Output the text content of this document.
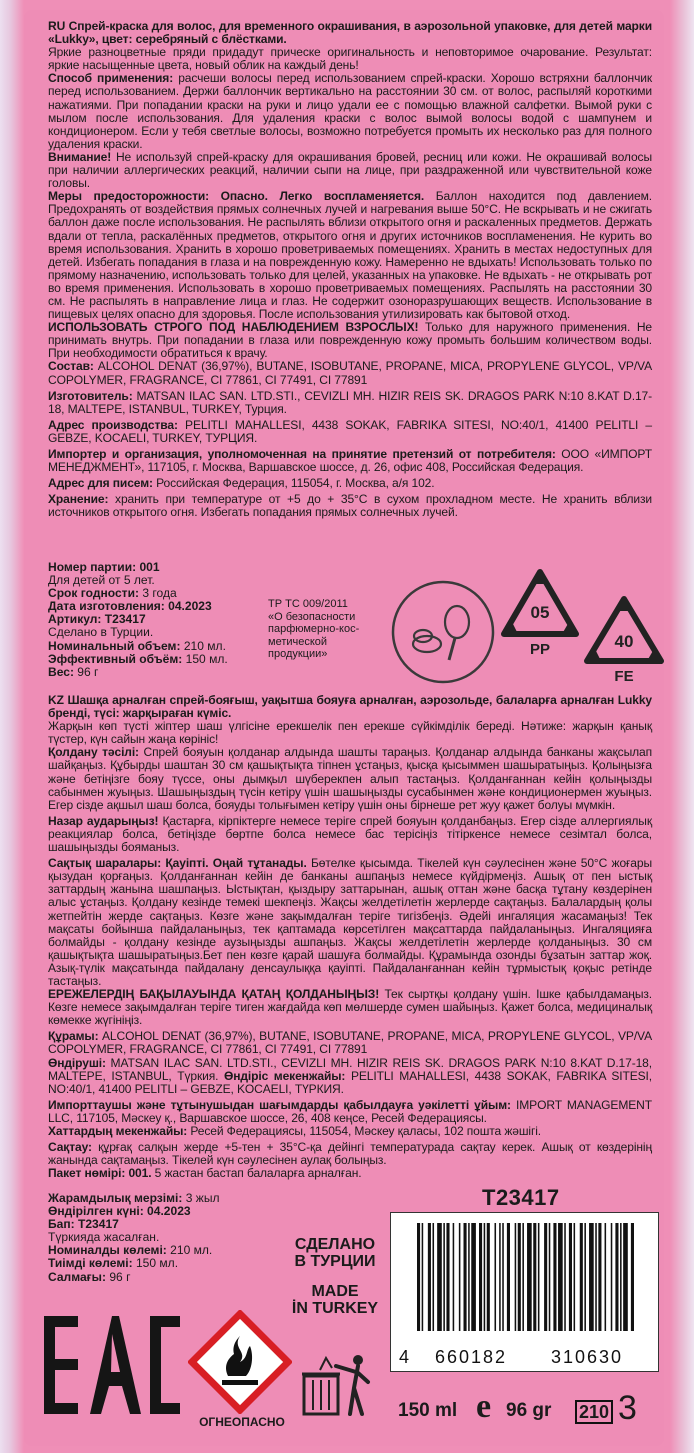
RU Спрей-краска для волос, для временного окрашивания, в аэрозольной упаковке, для детей марки «Lukky», цвет: серебряный с блёстками.

Яркие разноцветные пряди придадут прическе оригинальность и неповторимое очарование. Результат: яркие насыщенные цвета, новый облик на каждый день!

Способ применения: расчеши волосы перед использованием спрей-краски. Хорошо встряхни баллончик перед использованием. Держи баллончик вертикально на расстоянии 30 см. от волос, распыляй короткими нажатиями. При попадании краски на руки и лицо удали ее с помощью влажной салфетки. Вымой руки с мылом после использования. Для удаления краски с волос вымой волосы водой с шампунем и кондиционером. Если у тебя светлые волосы, возможно потребуется промыть их несколько раз для полного удаления краски.

Внимание! Не используй спрей-краску для окрашивания бровей, ресниц или кожи. Не окрашивай волосы при наличии аллергических реакций, наличии сыпи на лице, при раздраженной или чувствительной коже головы.

Меры предосторожности: Опасно. Легко воспламеняется. Баллон находится под давлением. Предохранять от воздействия прямых солнечных лучей и нагревания выше 50°C. Не вскрывать и не сжигать баллон даже после использования. Не распылять вблизи открытого огня и раскаленных предметов. Держать вдали от тепла, раскалённых предметов, открытого огня и других источников воспламенения. Не курить во время использования. Хранить в хорошо проветриваемых помещениях. Хранить в местах недоступных для детей. Избегать попадания в глаза и на поврежденную кожу. Намеренно не вдыхать! Использовать только по прямому назначению, использовать только для целей, указанных на упаковке. Не вдыхать - не открывать рот во время применения. Использовать в хорошо проветриваемых помещениях. Распылять на расстоянии 30 см. Не распылять в направление лица и глаз. Не содержит озоноразрушающих веществ. Использование в пищевых целях опасно для здоровья. После использования утилизировать как бытовой отход.

ИСПОЛЬЗОВАТЬ СТРОГО ПОД НАБЛЮДЕНИЕМ ВЗРОСЛЫХ! Только для наружного применения. Не принимать внутрь. При попадании в глаза или поврежденную кожу промыть большим количеством воды. При необходимости обратиться к врачу.

Состав: ALCOHOL DENAT (36,97%), BUTANE, ISOBUTANE, PROPANE, MICA, PROPYLENE GLYCOL, VP/VA COPOLYMER, FRAGRANCE, CI 77861, CI 77491, CI 77891

Изготовитель: MATSAN ILAC SAN. LTD.STI., CEVIZLI MH. HIZIR REIS SK. DRAGOS PARK N:10 8.KAT D.17-18, MALTEPE, ISTANBUL, TURKEY, Турция.

Адрес производства: PELITLI MAHALLESI, 4438 SOKAK, FABRIKA SITESI, NO:40/1, 41400 PELITLI – GEBZE, KOCAELI, TURKEY, ТУРЦИЯ.

Импортер и организация, уполномоченная на принятие претензий от потребителя: ООО «ИМПОРТ МЕНЕДЖМЕНТ», 117105, г. Москва, Варшавское шоссе, д. 26, офис 408, Российская Федерация.

Адрес для писем: Российская Федерация, 115054, г. Москва, а/я 102.

Хранение: хранить при температуре от +5 до + 35°C в сухом прохладном месте. Не хранить вблизи источников открытого огня. Избегать попадания прямых солнечных лучей.

Номер партии: 001

Для детей от 5 лет.

Срок годности: 3 года

Дата изготовления: 04.2023

Артикул: Т23417

Сделано в Турции.

Номинальный объем: 210 мл.

Эффективный объём: 150 мл.

Вес: 96 г

ТР ТС 009/2011

«О безопасности парфюмерно-кос-метической продукции»

05
PP	40
FE

KZ Шашқа арналған спрей-бояғыш, уақытша бояуға арналған, аэрозольде, балаларға арналған Lukky бренді, түсі: жарқыраған күміс.

Жарқын көп түсті жіптер шаш үлгісіне ерекшелік пен ерекше сүйкімділік береді. Нәтиже: жарқын қанық түстер, күн сайын жаңа көрініс!

Қолдану тәсілі: Спрей бояуын қолданар алдында шашты тараңыз. Қолданар алдында банканы жақсылап шайқаңыз. Құбырды шаштан 30 см қашықтықта тіпнен ұстаңыз, қысқа қысыммен шашыратыңыз. Қолыңызға және бетіңізге бояу түссе, оны дымқыл шүберекпен алып тастаңыз. Қолданғаннан кейін қолыңызды сабынмен жуыңыз. Шашыңыздың түсін кетіру үшін шашыңызды сусабынмен және кондиционермен жуыңыз. Егер сізде ақшыл шаш болса, бояуды толығымен кетіру үшін оны бірнеше рет жуу қажет болуы мүмкін.

Назар аударыңыз! Қастарға, кірпіктерге немесе теріге спрей бояуын қолданбаңыз. Егер сізде аллергиялық реакциялар болса, бетіңізде бөртпе болса немесе бас терісіңіз тітіркенсе немесе сезімтал болса, шашыңызды бояманыз.

Сақтық шаралары: Қауіпті. Оңай тұтанады. Бөтелке қысымда. Тікелей күн сәулесінен және 50°C жоғары қызудан қорғаңыз. Қолданғаннан кейін де банканы ашпаңыз немесе күйдірмеңіз. Ашық от пен ыстық заттардың жанына шашпаңыз. Ыстықтан, қыздыру заттарынан, ашық оттан және басқа тұтану көздерінен алыс ұстаңыз. Қолдану кезінде темекі шекпеңіз. Жақсы желдетілетін жерлерде сақтаңыз. Балалардың қолы жетпейтін жерде сақтаңыз. Көзге және зақымдалған теріге тигізбеңіз. Әдейі ингаляция жасамаңыз! Тек мақсаты бойынша пайдаланыңыз, тек қаптамада көрсетілген мақсаттарда пайдаланыңыз. Ингаляцияға болмайды - қолдану кезінде аузыңызды ашпаңыз. Жақсы желдетілетін жерлерде қолданыңыз. 30 см қашықтықта шашыратыңыз.Бет пен көзге қарай шашуға болмайды. Құрамында озонды бұзатын заттар жоқ. Азық-түлік мақсатында пайдалану денсаулыққа қауіпті. Пайдаланғаннан кейін тұрмыстық қоқыс ретінде тастаңыз.

ЕРЕЖЕЛЕРДІҢ БАҚЫЛАУЫНДА ҚАТАҢ ҚОЛДАНЫҢЫЗ! Тек сыртқы қолдану үшін. Ішке қабылдамаңыз. Көзге немесе зақымдалған теріге тиген жағдайда көп мөлшерде сумен шайыңыз. Қажет болса, медициналық көмекке жүгініңіз.

Құрамы: ALCOHOL DENAT (36,97%), BUTANE, ISOBUTANE, PROPANE, MICA, PROPYLENE GLYCOL, VP/VA COPOLYMER, FRAGRANCE, CI 77861, CI 77491, CI 77891

Өндіруші: MATSAN ILAC SAN. LTD.STI., CEVIZLI MH. HIZIR REIS SK. DRAGOS PARK N:10 8.KAT D.17-18, MALTEPE, ISTANBUL, Түркия. Өндіріс мекенжайы: PELITLI MAHALLESI, 4438 SOKAK, FABRIKA SITESI, NO:40/1, 41400 PELITLI – GEBZE, KOCAELI, ТҮРКИЯ.

Импорттаушы және тұтынушыдан шағымдарды қабылдауға уәкілетті ұйым: IMPORT MANAGEMENT LLC, 117105, Мәскеу қ., Варшавское шоссе, 26, 408 кеңсе, Ресей Федерациясы.

Хаттардың мекенжайы: Ресей Федерациясы, 115054, Мәскеу қаласы, 102 пошта жәшігі.

Сақтау: құрғақ салқын жерде +5-тен + 35°C-қа дейінгі температурада сақтау керек. Ашық от көздерінің жанында сақтамаңыз. Тікелей күн сәулесінен аулақ болыңыз.

Пакет нөмірі: 001. 5 жастан бастап балаларға арналған.

Жарамдылық мерзімі: 3 жыл

Өндірілген күні: 04.2023

Бап: Т23417

Түркияда жасалған.

Номиналды көлемі: 210 мл.

Тиімді көлемі: 150 мл.

Салмағы: 96 г

T23417
СДЕЛАНО
В ТУРЦИИ
MADE
İN TURKEY
4 660182 310630
ОГНЕОПАСНО
150 ml e 96 gr 210 3
